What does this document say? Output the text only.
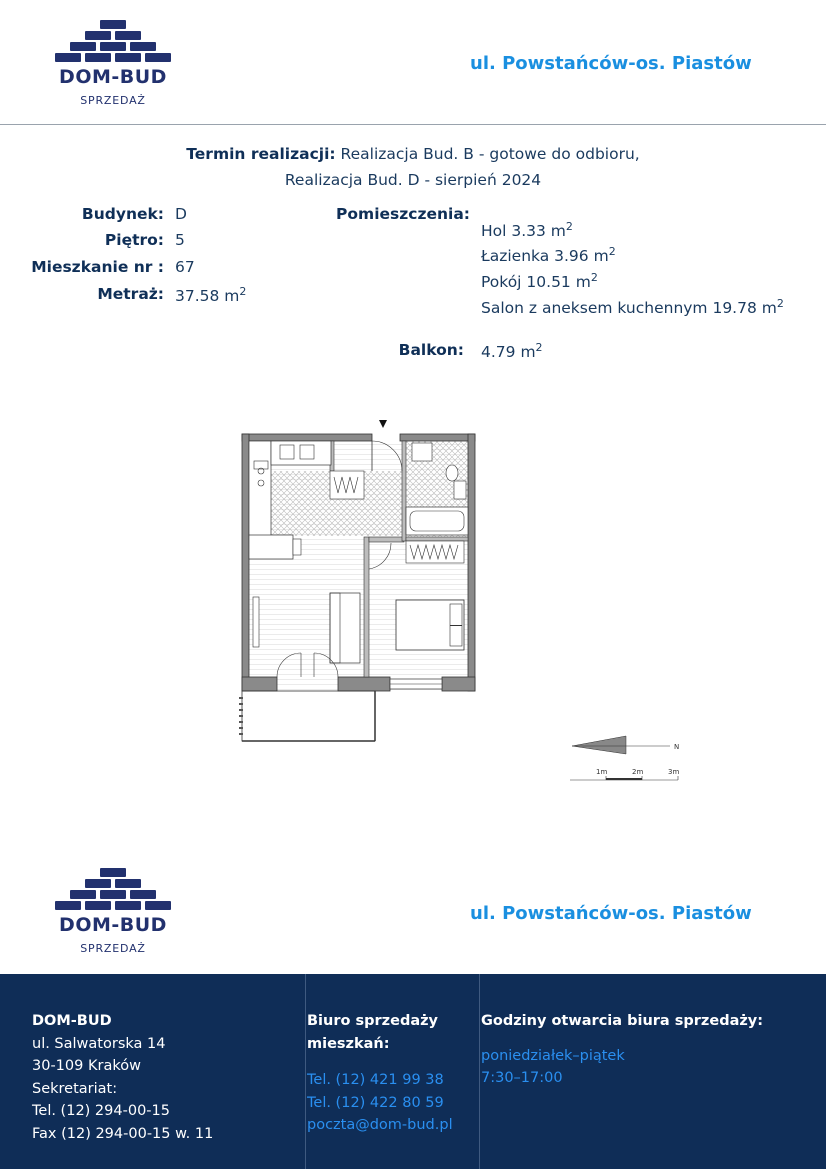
DOM-BUD
SPRZEDAŻ
ul. Powstańców-os. Piastów
Termin realizacji: Realizacja Bud. B - gotowe do odbioru,
Realizacja Bud. D - sierpień 2024
Budynek: D
Piętro: 5
Mieszkanie nr : 67
Metraż: 37.58 $m^2$
Pomieszczenia:
Hol 3.33 $m^2$
Łazienka 3.96 $m^2$
Pokój 10.51 $m^2$
Salon z aneksem kuchennym 19.78 $m^2$
Balkon: 4.79 $m^2$
N
1m	2m	3m
DOM-BUD
SPRZEDAŻ
ul. Powstańców-os. Piastów
DOM-BUD
ul. Salwatorska 14
30-109 Kraków
Sekretariat:
Tel. (12) 294-00-15
Fax (12) 294-00-15 w. 11
Biuro sprzedaży
mieszkań:
Tel. (12) 421 99 38
Tel. (12) 422 80 59
poczta@dom-bud.pl
Godziny otwarcia biura sprzedaży:
poniedziałek–piątek
7:30–17:00
